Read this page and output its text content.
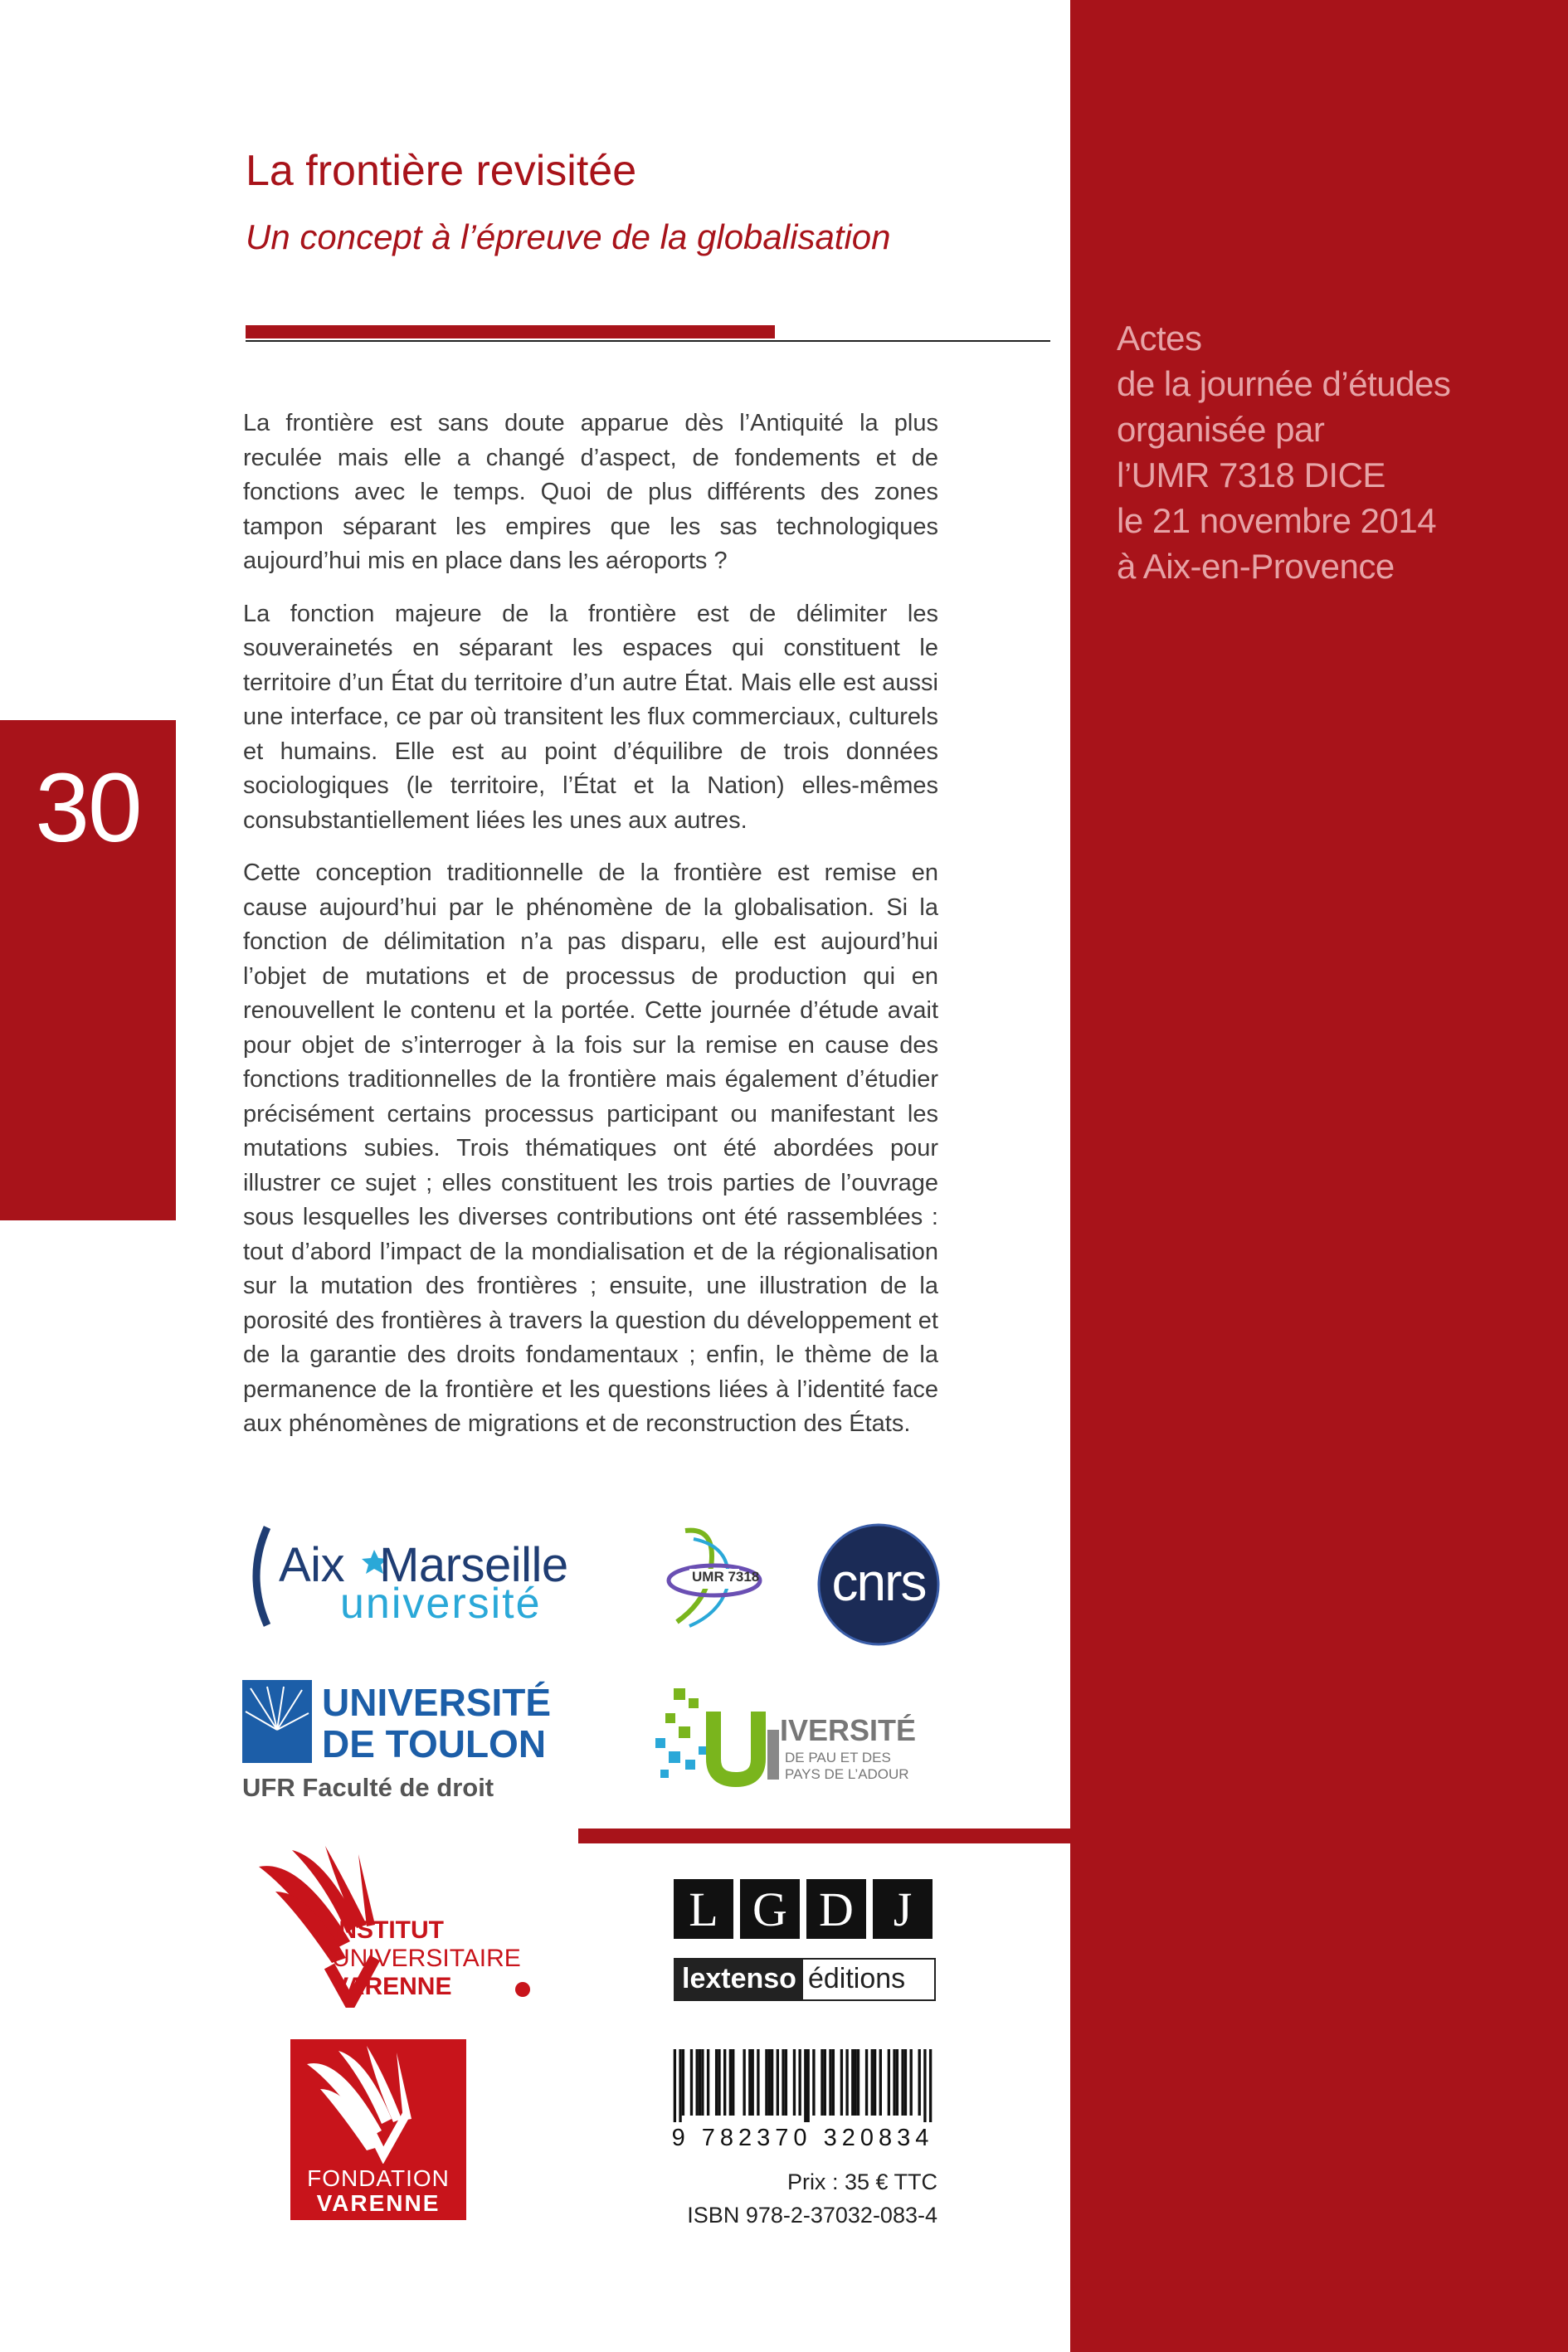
30
La frontière revisitée
Un concept à l’épreuve de la globalisation
Actes
de la journée d’études
organisée par
l’UMR 7318 DICE
le 21 novembre 2014
à Aix-en-Provence

La frontière est sans doute apparue dès l’Antiquité la plus reculée mais elle a changé d’aspect, de fondements et de fonctions avec le temps. Quoi de plus différents des zones tampon séparant les empires que les sas technologiques aujourd’hui mis en place dans les aéroports ?

La fonction majeure de la frontière est de délimiter les souverainetés en séparant les espaces qui constituent le territoire d’un État du territoire d’un autre État. Mais elle est aussi une interface, ce par où transitent les flux commerciaux, culturels et humains. Elle est au point d’équilibre de trois données sociologiques (le territoire, l’État et la Nation) elles-mêmes consubstantiellement liées les unes aux autres.

Cette conception traditionnelle de la frontière est remise en cause aujourd’hui par le phénomène de la globalisation. Si la fonction de délimitation n’a pas disparu, elle est aujourd’hui l’objet de mutations et de processus de production qui en renouvellent le contenu et la portée. Cette journée d’étude avait pour objet de s’interroger à la fois sur la remise en cause des fonctions traditionnelles de la frontière mais également d’étudier précisément certains processus participant ou manifestant les mutations subies. Trois thématiques ont été abordées pour illustrer ce sujet ; elles constituent les trois parties de l’ouvrage sous lesquelles les diverses contributions ont été rassemblées : tout d’abord l’impact de la mondialisation et de la régionalisation sur la mutation des frontières ; ensuite, une illustration de la porosité des frontières à travers la question du développement et de la garantie des droits fondamentaux ; enfin, le thème de la permanence de la frontière et les questions liées à l’identité face aux phénomènes de migrations et de reconstruction des États.

Aix Marseille
université
UMR 7318 cnrs
UNIVERSITÉ
DE TOULON
UFR Faculté de droit
IVERSITÉ
DE PAU ET DES
PAYS DE L’ADOUR
INSTITUT
UNIVERSITAIRE
VARENNE
L G D J
lextenso éditions
FONDATION
VARENNE
9 782370 320834
Prix : 35 € TTC
ISBN 978-2-37032-083-4
